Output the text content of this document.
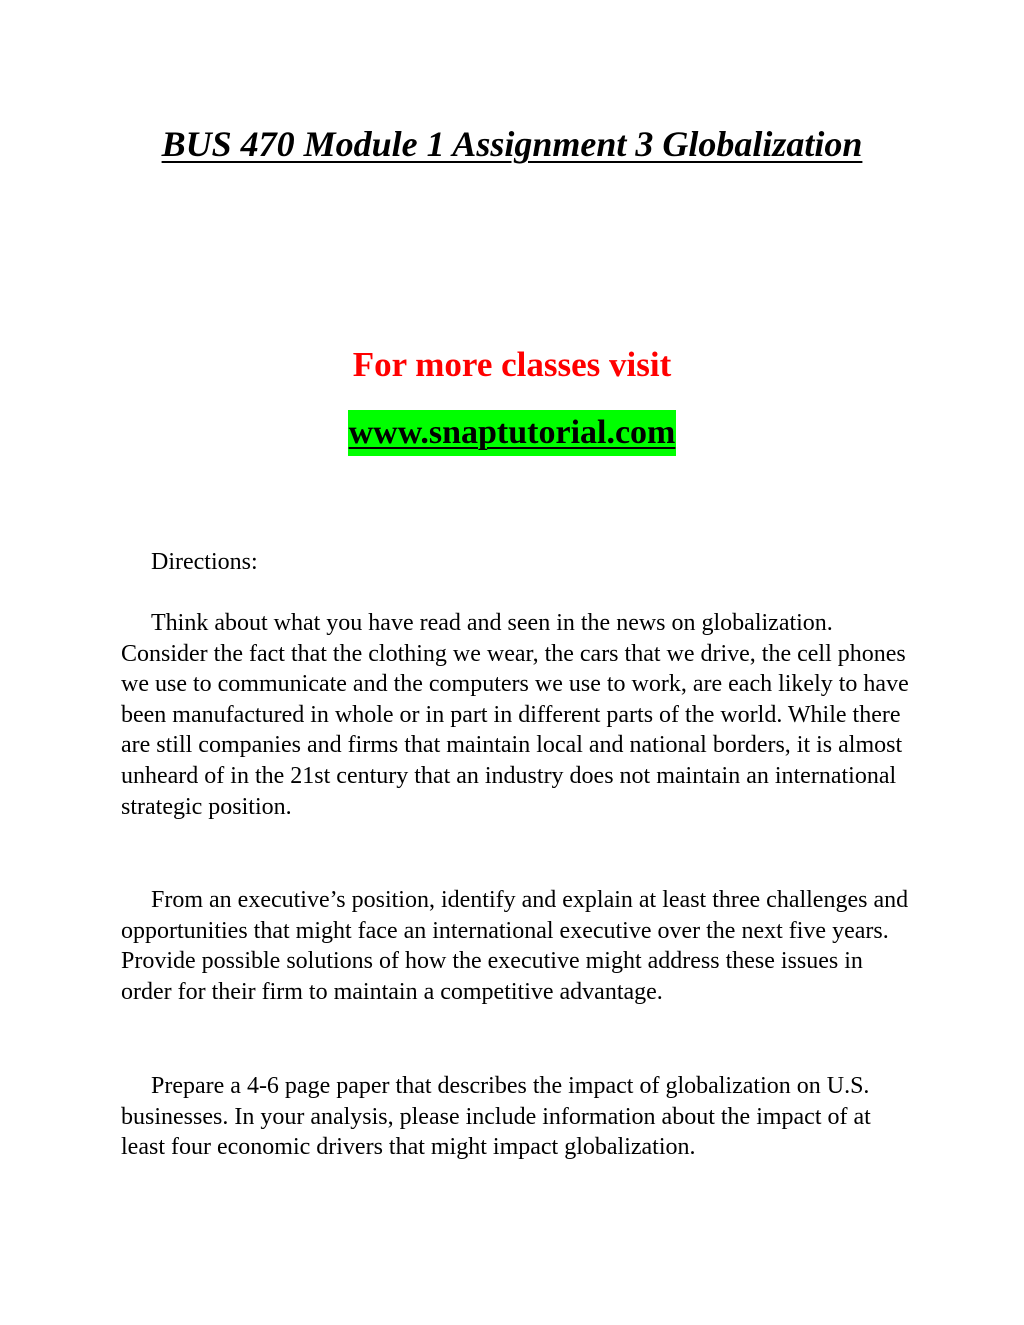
BUS 470 Module 1 Assignment 3 Globalization
For more classes visit
www.snaptutorial.com

Directions:

Think about what you have read and seen in the news on globalization. Consider the fact that the clothing we wear, the cars that we drive, the cell phones we use to communicate and the computers we use to work, are each likely to have been manufactured in whole or in part in different parts of the world. While there are still companies and firms that maintain local and national borders, it is almost unheard of in the 21st century that an industry does not maintain an international strategic position.

From an executive’s position, identify and explain at least three challenges and opportunities that might face an international executive over the next five years. Provide possible solutions of how the executive might address these issues in order for their firm to maintain a competitive advantage.

Prepare a 4-6 page paper that describes the impact of globalization on U.S. businesses. In your analysis, please include information about the impact of at least four economic drivers that might impact globalization.
